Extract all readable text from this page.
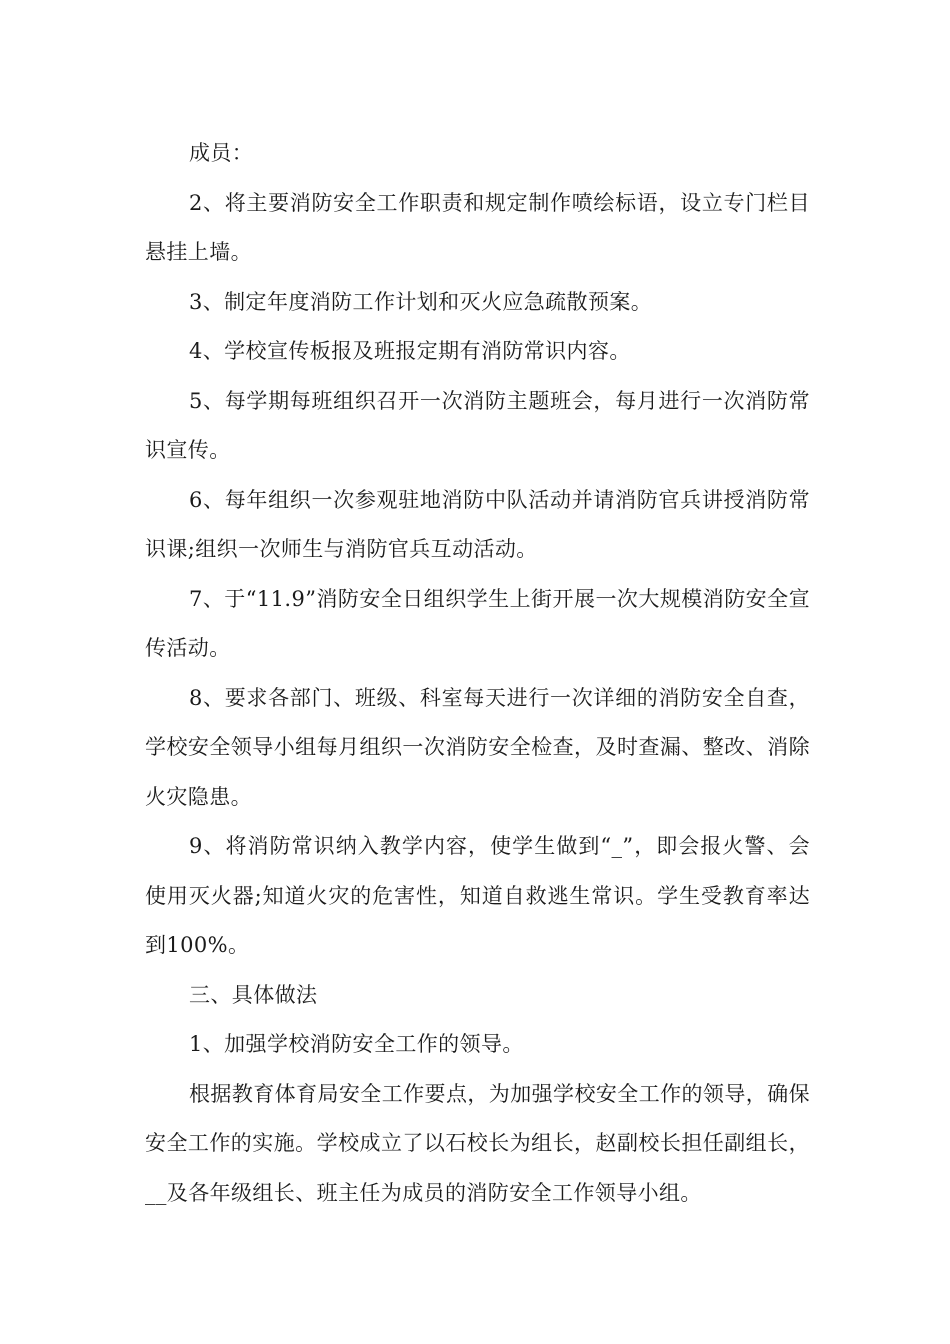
成员：

2、将主要消防安全工作职责和规定制作喷绘标语，设立专门栏目悬挂上墙。

3、制定年度消防工作计划和灭火应急疏散预案。

4、学校宣传板报及班报定期有消防常识内容。

5、每学期每班组织召开一次消防主题班会，每月进行一次消防常识宣传。

6、每年组织一次参观驻地消防中队活动并请消防官兵讲授消防常识课;组织一次师生与消防官兵互动活动。

7、于“11.9”消防安全日组织学生上街开展一次大规模消防安全宣传活动。

8、要求各部门、班级、科室每天进行一次详细的消防安全自查，学校安全领导小组每月组织一次消防安全检查，及时查漏、整改、消除火灾隐患。

9、将消防常识纳入教学内容，使学生做到“_”，即会报火警、会使用灭火器;知道火灾的危害性，知道自救逃生常识。学生受教育率达到100%。

三、具体做法

1、加强学校消防安全工作的领导。

根据教育体育局安全工作要点，为加强学校安全工作的领导，确保安全工作的实施。学校成立了以石校长为组长，赵副校长担任副组长，__及各年级组长、班主任为成员的消防安全工作领导小组。
